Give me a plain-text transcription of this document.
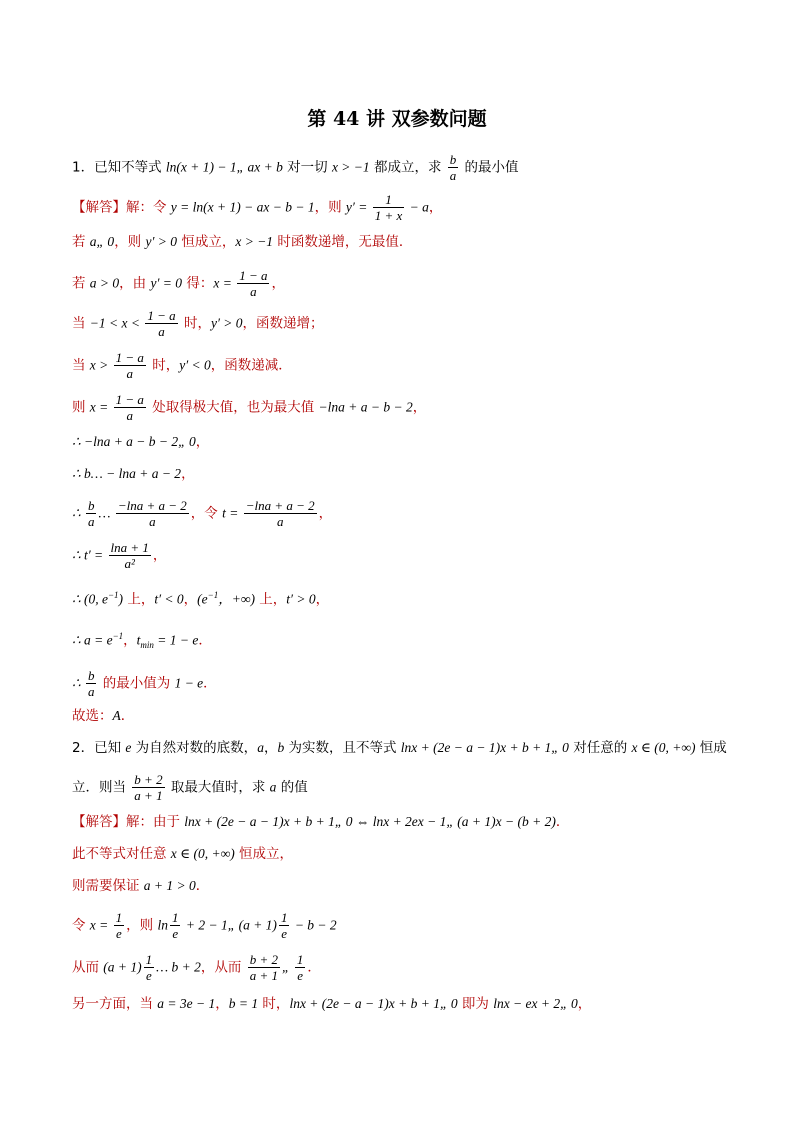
第 44 讲 双参数问题
1．已知不等式 ln(x + 1) − 1„ ax + b 对一切 x > −1 都成立，求 $\frac{b}{a}$ 的最小值
【解答】解：令 y = ln(x + 1) − ax − b − 1，则 $y' = \frac{1}{1 + x} - a$，
若 a„ 0，则 y′ > 0 恒成立，x > −1 时函数递增，无最值．
若 a > 0，由 y′ = 0 得：$x = \frac{1 - a}{a}$ ，
当 $-1 < x < \frac{1 - a}{a}$ 时，y′ > 0，函数递增；
当 $x > \frac{1 - a}{a}$ 时，y′ < 0，函数递减．
则 $x = \frac{1 - a}{a}$ 处取得极大值，也为最大值 −lna + a − b − 2，
∴ −lna + a − b − 2„ 0，
∴ b… − lna + a − 2，
∴ $\frac{b}{a}$ … $\frac{-\ln a + a - 2}{a}$ ，令 $t = \frac{-\ln a + a - 2}{a}$ ，
∴ $t' = \frac{\ln a + 1}{\text{a²}}$ ，
∴ (0, $e^{-1}$) 上，t′ < 0，($e^{-1}$，+∞) 上，t′ > 0，
∴ $a = e^{-1}$，$t_{min} = 1 - e$．
∴ $\frac{b}{a}$ 的最小值为 1 − e．
故选：A．
2．已知 e 为自然对数的底数，a，b 为实数，且不等式 lnx + (2e − a − 1)x + b + 1„ 0 对任意的 x ∈ (0, +∞) 恒成
立．则当 $\frac{b + 2}{a + 1}$ 取最大值时，求 a 的值
【解答】解：由于 lnx + (2e − a − 1)x + b + 1„ 0 ⇔ lnx + 2ex − 1„ (a + 1)x − (b + 2)．
此不等式对任意 x ∈ (0, +∞) 恒成立，
则需要保证 a + 1 > 0．
令 $x = \frac{1}{e}$ ，则 $\ln \frac{1}{e} + 2$ − 1„ $(a + 1) \frac{1}{e} - b - 2$
从而 $(a + 1) \frac{1}{e}$ … b + 2，从而 $\frac{b + 2}{a + 1}$ „ $\frac{1}{e}$ ．
另一方面，当 a = 3e − 1，b = 1 时，lnx + (2e − a − 1)x + b + 1„ 0 即为 lnx − ex + 2„ 0，
